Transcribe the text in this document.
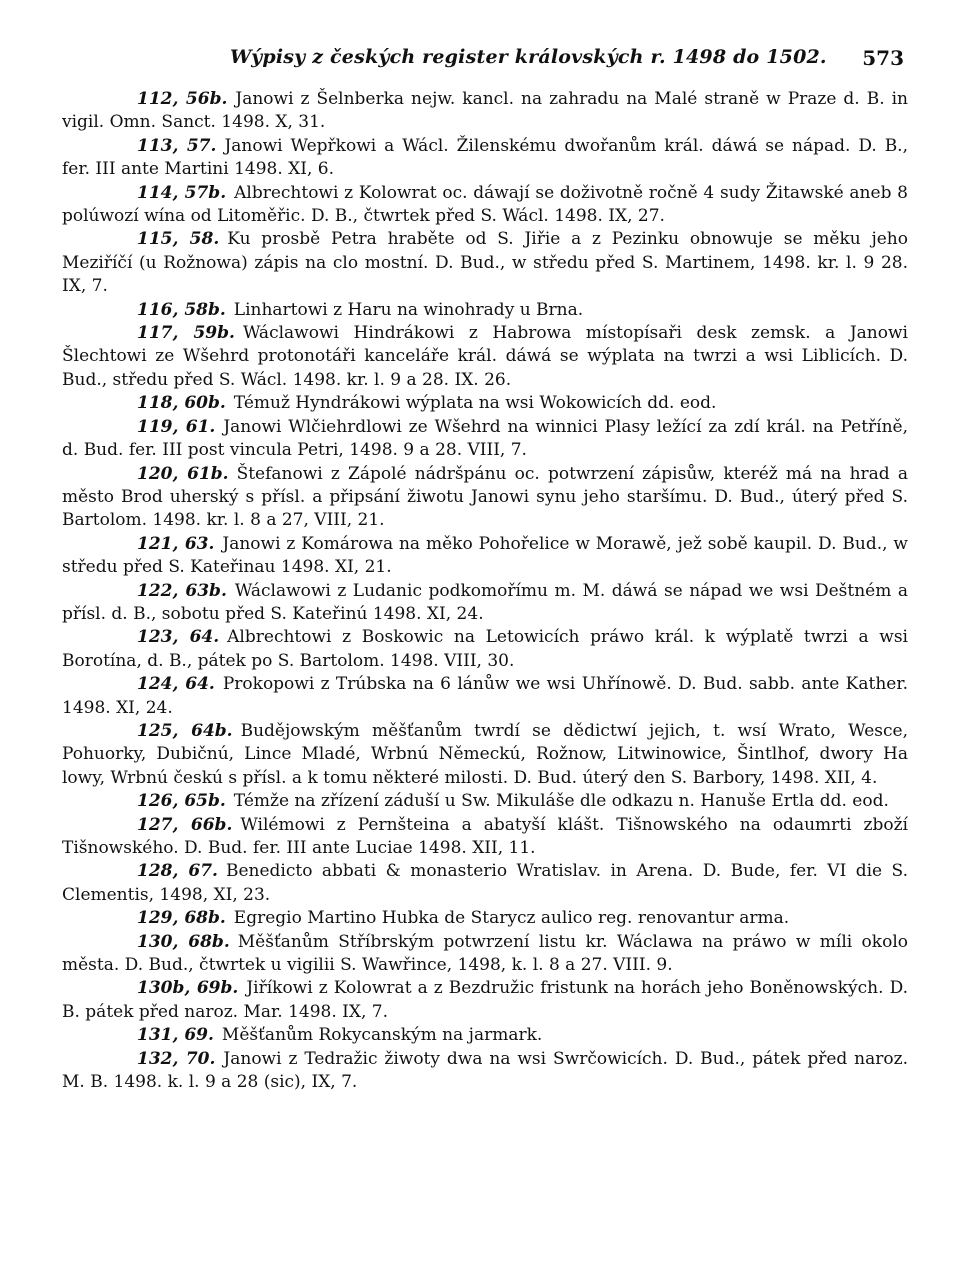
Wýpisy z českých register královských r. 1498 do 1502. 573

112, 56b. Janowi z Šelnberka nejw. kancl. na zahradu na Malé straně w Praze d. B. in vigil. Omn. Sanct. 1498. X, 31.

113, 57. Janowi Wepřkowi a Wácl. Žilenskému dwořanům král. dáwá se nápad. D. B., fer. III ante Martini 1498. XI, 6.

114, 57b. Albrechtowi z Kolowrat oc. dáwají se doživotně ročně 4 sudy Žitawské aneb 8 polúwozí wína od Litoměřic. D. B., čtwrtek před S. Wácl. 1498. IX, 27.

115, 58. Ku prosbě Petra hraběte od S. Jiřie a z Pezinku obnowuje se měku jeho Meziříčí (u Rožnowa) zápis na clo mostní. D. Bud., w středu před S. Martinem, 1498. kr. l. 9 28. IX, 7.

116, 58b. Linhartowi z Haru na winohrady u Brna.

117, 59b. Wáclawowi Hindrákowi z Habrowa místopísaři desk zemsk. a Janowi Šlechtowi ze Wšehrd protonotáři kanceláře král. dáwá se wýplata na twrzi a wsi Liblicích. D. Bud., středu před S. Wácl. 1498. kr. l. 9 a 28. IX. 26.

118, 60b. Témuž Hyndrákowi wýplata na wsi Wokowicích dd. eod.

119, 61. Janowi Wlčiehrdlowi ze Wšehrd na winnici Plasy ležící za zdí král. na Petříně, d. Bud. fer. III post vincula Petri, 1498. 9 a 28. VIII, 7.

120, 61b. Štefanowi z Zápolé nádršpánu oc. potwrzení zápisůw, kteréž má na hrad a město Brod uherský s přísl. a připsání žiwotu Janowi synu jeho staršímu. D. Bud., úterý před S. Bartolom. 1498. kr. l. 8 a 27, VIII, 21.

121, 63. Janowi z Komárowa na měko Pohořelice w Morawě, jež sobě kaupil. D. Bud., w středu před S. Kateřinau 1498. XI, 21.

122, 63b. Wáclawowi z Ludanic podkomořímu m. M. dáwá se nápad we wsi Deštném a přísl. d. B., sobotu před S. Kateřinú 1498. XI, 24.

123, 64. Albrechtowi z Boskowic na Letowicích práwo král. k wýplatě twrzi a wsi Borotína, d. B., pátek po S. Bartolom. 1498. VIII, 30.

124, 64. Prokopowi z Trúbska na 6 lánůw we wsi Uhřínowě. D. Bud. sabb. ante Kather. 1498. XI, 24.

125, 64b. Budějowským měšťanům twrdí se dědictwí jejich, t. wsí Wrato, Wesce, Pohuorky, Dubičnú, Lince Mladé, Wrbnú Německú, Rožnow, Litwinowice, Šintlhof, dwory Ha lowy, Wrbnú českú s přísl. a k tomu některé milosti. D. Bud. úterý den S. Barbory, 1498. XII, 4.

126, 65b. Témže na zřízení záduší u Sw. Mikuláše dle odkazu n. Hanuše Ertla dd. eod.

127, 66b. Wilémowi z Pernšteina a abatyší klášt. Tišnowského na odaumrti zboží Tišnowského. D. Bud. fer. III ante Luciae 1498. XII, 11.

128, 67. Benedicto abbati & monasterio Wratislav. in Arena. D. Bude, fer. VI die S. Clementis, 1498, XI, 23.

129, 68b. Egregio Martino Hubka de Starycz aulico reg. renovantur arma.

130, 68b. Měšťanům Stříbrským potwrzení listu kr. Wáclawa na práwo w míli okolo města. D. Bud., čtwrtek u vigilii S. Wawřince, 1498, k. l. 8 a 27. VIII. 9.

130b, 69b. Jiříkowi z Kolowrat a z Bezdružic fristunk na horách jeho Boněnowských. D. B. pátek před naroz. Mar. 1498. IX, 7.

131, 69. Měšťanům Rokycanským na jarmark.

132, 70. Janowi z Tedražic žiwoty dwa na wsi Swrčowicích. D. Bud., pátek před naroz. M. B. 1498. k. l. 9 a 28 (sic), IX, 7.
